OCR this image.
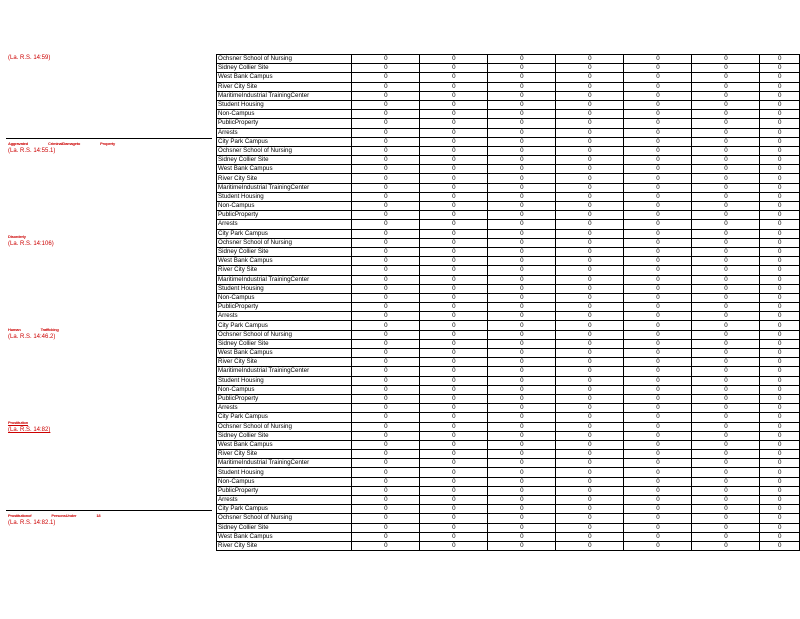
(La. R.S. 14:59)
Aggravated	CriminalDamageto	Property
(La. R.S. 14:55.1)
Disorderly
(La. R.S. 14:106)
Human	Trafficking
(La. R.S. 14:46.2)
Prostitution
(La. R.S. 14:82)
Prostitutionof	PersonsUnder	18
(La. R.S. 14:82.1)
Ochsner School of Nursing	0	0	0	0	0	0	0
Sidney Collier Site	0	0	0	0	0	0	0
West Bank Campus	0	0	0	0	0	0	0
River City Site	0	0	0	0	0	0	0
MaritimeIndustrial TrainingCenter	0	0	0	0	0	0	0
Student Housing	0	0	0	0	0	0	0
Non-Campus	0	0	0	0	0	0	0
PublicProperty	0	0	0	0	0	0	0
Arrests	0	0	0	0	0	0	0
City Park Campus	0	0	0	0	0	0	0
Ochsner School of Nursing	0	0	0	0	0	0	0
Sidney Collier Site	0	0	0	0	0	0	0
West Bank Campus	0	0	0	0	0	0	0
River City Site	0	0	0	0	0	0	0
MaritimeIndustrial TrainingCenter	0	0	0	0	0	0	0
Student Housing	0	0	0	0	0	0	0
Non-Campus	0	0	0	0	0	0	0
PublicProperty	0	0	0	0	0	0	0
Arrests	0	0	0	0	0	0	0
City Park Campus	0	0	0	0	0	0	0
Ochsner School of Nursing	0	0	0	0	0	0	0
Sidney Collier Site	0	0	0	0	0	0	0
West Bank Campus	0	0	0	0	0	0	0
River City Site	0	0	0	0	0	0	0
MaritimeIndustrial TrainingCenter	0	0	0	0	0	0	0
Student Housing	0	0	0	0	0	0	0
Non-Campus	0	0	0	0	0	0	0
PublicProperty	0	0	0	0	0	0	0
Arrests	0	0	0	0	0	0	0
City Park Campus	0	0	0	0	0	0	0
Ochsner School of Nursing	0	0	0	0	0	0	0
Sidney Collier Site	0	0	0	0	0	0	0
West Bank Campus	0	0	0	0	0	0	0
River City Site	0	0	0	0	0	0	0
MaritimeIndustrial TrainingCenter	0	0	0	0	0	0	0
Student Housing	0	0	0	0	0	0	0
Non-Campus	0	0	0	0	0	0	0
PublicProperty	0	0	0	0	0	0	0
Arrests	0	0	0	0	0	0	0
City Park Campus	0	0	0	0	0	0	0
Ochsner School of Nursing	0	0	0	0	0	0	0
Sidney Collier Site	0	0	0	0	0	0	0
West Bank Campus	0	0	0	0	0	0	0
River City Site	0	0	0	0	0	0	0
MaritimeIndustrial TrainingCenter	0	0	0	0	0	0	0
Student Housing	0	0	0	0	0	0	0
Non-Campus	0	0	0	0	0	0	0
PublicProperty	0	0	0	0	0	0	0
Arrests	0	0	0	0	0	0	0
City Park Campus	0	0	0	0	0	0	0
Ochsner School of Nursing	0	0	0	0	0	0	0
Sidney Collier Site	0	0	0	0	0	0	0
West Bank Campus	0	0	0	0	0	0	0
River City Site	0	0	0	0	0	0	0
